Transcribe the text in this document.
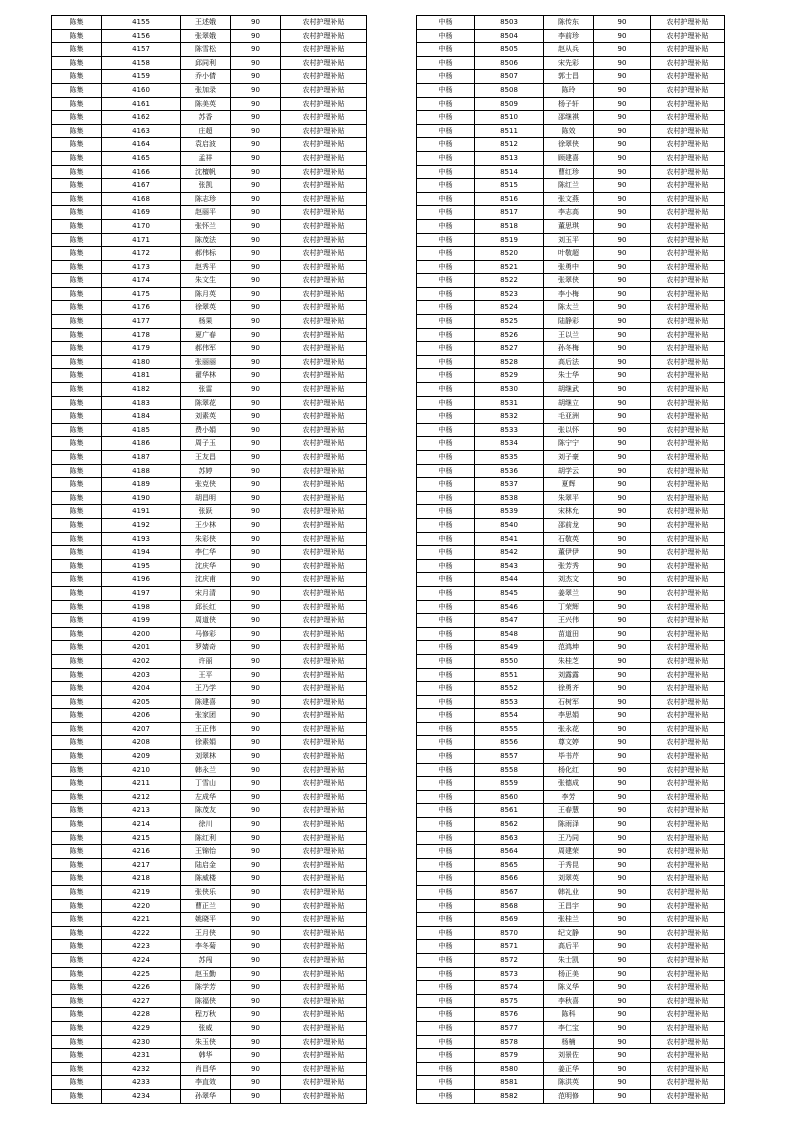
陈集	4155	王述娥	90	农村护理补贴
陈集	4156	张翠娥	90	农村护理补贴
陈集	4157	陈雪松	90	农村护理补贴
陈集	4158	邱同利	90	农村护理补贴
陈集	4159	乔小倩	90	农村护理补贴
陈集	4160	张加录	90	农村护理补贴
陈集	4161	陈美英	90	农村护理补贴
陈集	4162	苏香	90	农村护理补贴
陈集	4163	庄超	90	农村护理补贴
陈集	4164	袁启波	90	农村护理补贴
陈集	4165	孟祥	90	农村护理补贴
陈集	4166	沈檀帆	90	农村护理补贴
陈集	4167	张凯	90	农村护理补贴
陈集	4168	陈志珍	90	农村护理补贴
陈集	4169	赵丽平	90	农村护理补贴
陈集	4170	张怀兰	90	农村护理补贴
陈集	4171	陈茂法	90	农村护理补贴
陈集	4172	郝伟标	90	农村护理补贴
陈集	4173	赵秀平	90	农村护理补贴
陈集	4174	朱文生	90	农村护理补贴
陈集	4175	陈月英	90	农村护理补贴
陈集	4176	徐翠英	90	农村护理补贴
陈集	4177	杨果	90	农村护理补贴
陈集	4178	夏广春	90	农村护理补贴
陈集	4179	郝伟军	90	农村护理补贴
陈集	4180	张丽丽	90	农村护理补贴
陈集	4181	翟华林	90	农村护理补贴
陈集	4182	张雷	90	农村护理补贴
陈集	4183	陈翠花	90	农村护理补贴
陈集	4184	刘素英	90	农村护理补贴
陈集	4185	费小娟	90	农村护理补贴
陈集	4186	周子玉	90	农村护理补贴
陈集	4187	王友昌	90	农村护理补贴
陈集	4188	苏婷	90	农村护理补贴
陈集	4189	张克侠	90	农村护理补贴
陈集	4190	胡昌明	90	农村护理补贴
陈集	4191	张跃	90	农村护理补贴
陈集	4192	王少林	90	农村护理补贴
陈集	4193	朱彩侠	90	农村护理补贴
陈集	4194	李仁华	90	农村护理补贴
陈集	4195	沈庆华	90	农村护理补贴
陈集	4196	沈庆甫	90	农村护理补贴
陈集	4197	宋月清	90	农村护理补贴
陈集	4198	邱长红	90	农村护理补贴
陈集	4199	周道侠	90	农村护理补贴
陈集	4200	马修彩	90	农村护理补贴
陈集	4201	罗婧奇	90	农村护理补贴
陈集	4202	许丽	90	农村护理补贴
陈集	4203	王平	90	农村护理补贴
陈集	4204	王乃学	90	农村护理补贴
陈集	4205	陈建喜	90	农村护理补贴
陈集	4206	张家团	90	农村护理补贴
陈集	4207	王正伟	90	农村护理补贴
陈集	4208	徐素娟	90	农村护理补贴
陈集	4209	刘翠林	90	农村护理补贴
陈集	4210	韩永兰	90	农村护理补贴
陈集	4211	丁雪山	90	农村护理补贴
陈集	4212	左成华	90	农村护理补贴
陈集	4213	陈茂友	90	农村护理补贴
陈集	4214	徐川	90	农村护理补贴
陈集	4215	陈红利	90	农村护理补贴
陈集	4216	王锦怡	90	农村护理补贴
陈集	4217	陆启金	90	农村护理补贴
陈集	4218	陈威楼	90	农村护理补贴
陈集	4219	张侠乐	90	农村护理补贴
陈集	4220	曹正兰	90	农村护理补贴
陈集	4221	姚晓平	90	农村护理补贴
陈集	4222	王月侠	90	农村护理补贴
陈集	4223	李冬菊	90	农村护理补贴
陈集	4224	苏闯	90	农村护理补贴
陈集	4225	赵玉勤	90	农村护理补贴
陈集	4226	陈学芳	90	农村护理补贴
陈集	4227	陈福侠	90	农村护理补贴
陈集	4228	程万秋	90	农村护理补贴
陈集	4229	张威	90	农村护理补贴
陈集	4230	朱玉侠	90	农村护理补贴
陈集	4231	韩华	90	农村护理补贴
陈集	4232	肖昌华	90	农村护理补贴
陈集	4233	李直效	90	农村护理补贴
陈集	4234	孙翠华	90	农村护理补贴
中杨	8503	陈传东	90	农村护理补贴
中杨	8504	李前珍	90	农村护理补贴
中杨	8505	赵从兵	90	农村护理补贴
中杨	8506	宋先彩	90	农村护理补贴
中杨	8507	郭士昌	90	农村护理补贴
中杨	8508	陈玲	90	农村护理补贴
中杨	8509	杨子轩	90	农村护理补贴
中杨	8510	邵继祺	90	农村护理补贴
中杨	8511	陈效	90	农村护理补贴
中杨	8512	徐翠侠	90	农村护理补贴
中杨	8513	顾建喜	90	农村护理补贴
中杨	8514	曹红珍	90	农村护理补贴
中杨	8515	陈红兰	90	农村护理补贴
中杨	8516	张文燕	90	农村护理补贴
中杨	8517	李志高	90	农村护理补贴
中杨	8518	董思琪	90	农村护理补贴
中杨	8519	刘玉平	90	农村护理补贴
中杨	8520	叶敬超	90	农村护理补贴
中杨	8521	张勇中	90	农村护理补贴
中杨	8522	张翠侠	90	农村护理补贴
中杨	8523	李小梅	90	农村护理补贴
中杨	8524	陈太兰	90	农村护理补贴
中杨	8525	陆静彩	90	农村护理补贴
中杨	8526	王以兰	90	农村护理补贴
中杨	8527	孙冬梅	90	农村护理补贴
中杨	8528	高后法	90	农村护理补贴
中杨	8529	朱士华	90	农村护理补贴
中杨	8530	胡继武	90	农村护理补贴
中杨	8531	胡继立	90	农村护理补贴
中杨	8532	毛亚洲	90	农村护理补贴
中杨	8533	张以怀	90	农村护理补贴
中杨	8534	陈宁宁	90	农村护理补贴
中杨	8535	刘子豪	90	农村护理补贴
中杨	8536	胡学云	90	农村护理补贴
中杨	8537	夏辉	90	农村护理补贴
中杨	8538	朱翠平	90	农村护理补贴
中杨	8539	宋林允	90	农村护理补贴
中杨	8540	邵前龙	90	农村护理补贴
中杨	8541	石敬英	90	农村护理补贴
中杨	8542	董伊伊	90	农村护理补贴
中杨	8543	张芳秀	90	农村护理补贴
中杨	8544	刘杰文	90	农村护理补贴
中杨	8545	姜翠兰	90	农村护理补贴
中杨	8546	丁荣辉	90	农村护理补贴
中杨	8547	王兴伟	90	农村护理补贴
中杨	8548	苗道田	90	农村护理补贴
中杨	8549	范鸿坤	90	农村护理补贴
中杨	8550	朱桂芝	90	农村护理补贴
中杨	8551	刘露露	90	农村护理补贴
中杨	8552	徐勇齐	90	农村护理补贴
中杨	8553	石树军	90	农村护理补贴
中杨	8554	李思娟	90	农村护理补贴
中杨	8555	张永花	90	农村护理补贴
中杨	8556	尊文婷	90	农村护理补贴
中杨	8557	毕书芹	90	农村护理补贴
中杨	8558	杨化红	90	农村护理补贴
中杨	8559	张德成	90	农村护理补贴
中杨	8560	李芳	90	农村护理补贴
中杨	8561	王春慧	90	农村护理补贴
中杨	8562	陈雨泽	90	农村护理补贴
中杨	8563	王乃同	90	农村护理补贴
中杨	8564	周建荣	90	农村护理补贴
中杨	8565	于秀昆	90	农村护理补贴
中杨	8566	刘翠英	90	农村护理补贴
中杨	8567	韩礼业	90	农村护理补贴
中杨	8568	王昌宇	90	农村护理补贴
中杨	8569	张桂兰	90	农村护理补贴
中杨	8570	纪文静	90	农村护理补贴
中杨	8571	高后平	90	农村护理补贴
中杨	8572	朱士凯	90	农村护理补贴
中杨	8573	杨正美	90	农村护理补贴
中杨	8574	陈义华	90	农村护理补贴
中杨	8575	李秋喜	90	农村护理补贴
中杨	8576	陈科	90	农村护理补贴
中杨	8577	李仁宝	90	农村护理补贴
中杨	8578	杨楠	90	农村护理补贴
中杨	8579	刘景佐	90	农村护理补贴
中杨	8580	姜正华	90	农村护理补贴
中杨	8581	陈洪英	90	农村护理补贴
中杨	8582	范明修	90	农村护理补贴
